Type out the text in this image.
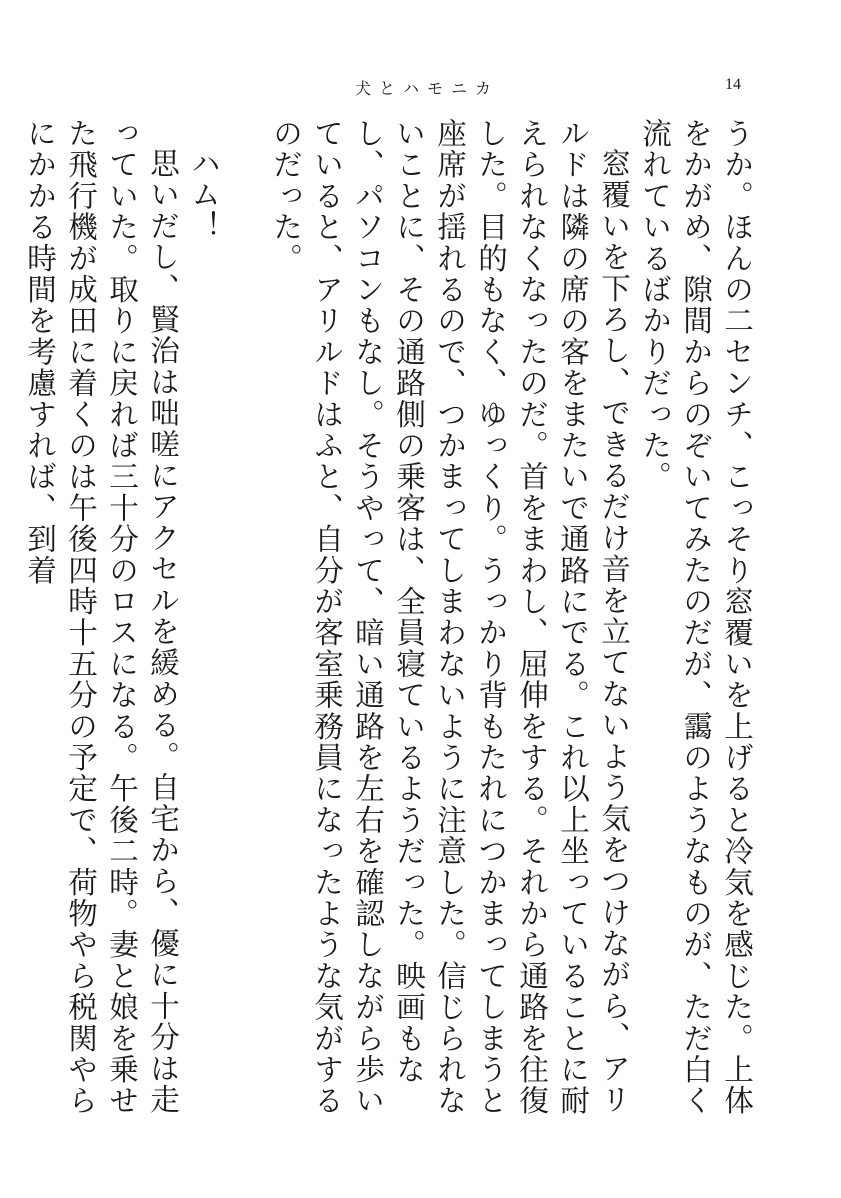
犬とハモニカ	14

うか。ほんの二センチ、こっそり窓覆いを上げると冷気を感じた。上体をかがめ、隙間からのぞいてみたのだが、靄のようなものが、ただ白く流れているばかりだった。

窓覆いを下ろし、できるだけ音を立てないよう気をつけながら、アリルドは隣の席の客をまたいで通路にでる。これ以上坐っていることに耐えられなくなったのだ。首をまわし、屈伸をする。それから通路を往復した。目的もなく、ゆっくり。うっかり背もたれにつかまってしまうと座席が揺れるので、つかまってしまわないように注意した。信じられないことに、その通路側の乗客は、全員寝ているようだった。映画もなし、パソコンもなし。そうやって、暗い通路を左右を確認しながら歩いていると、アリルドはふと、自分が客室乗務員になったような気がするのだった。

ハム！

思いだし、賢治は咄嗟にアクセルを緩める。自宅から、優に十分は走っていた。取りに戻れば三十分のロスになる。午後二時。妻と娘を乗せた飛行機が成田に着くのは午後四時十五分の予定で、荷物やら税関やらにかかる時間を考慮すれば、到着
